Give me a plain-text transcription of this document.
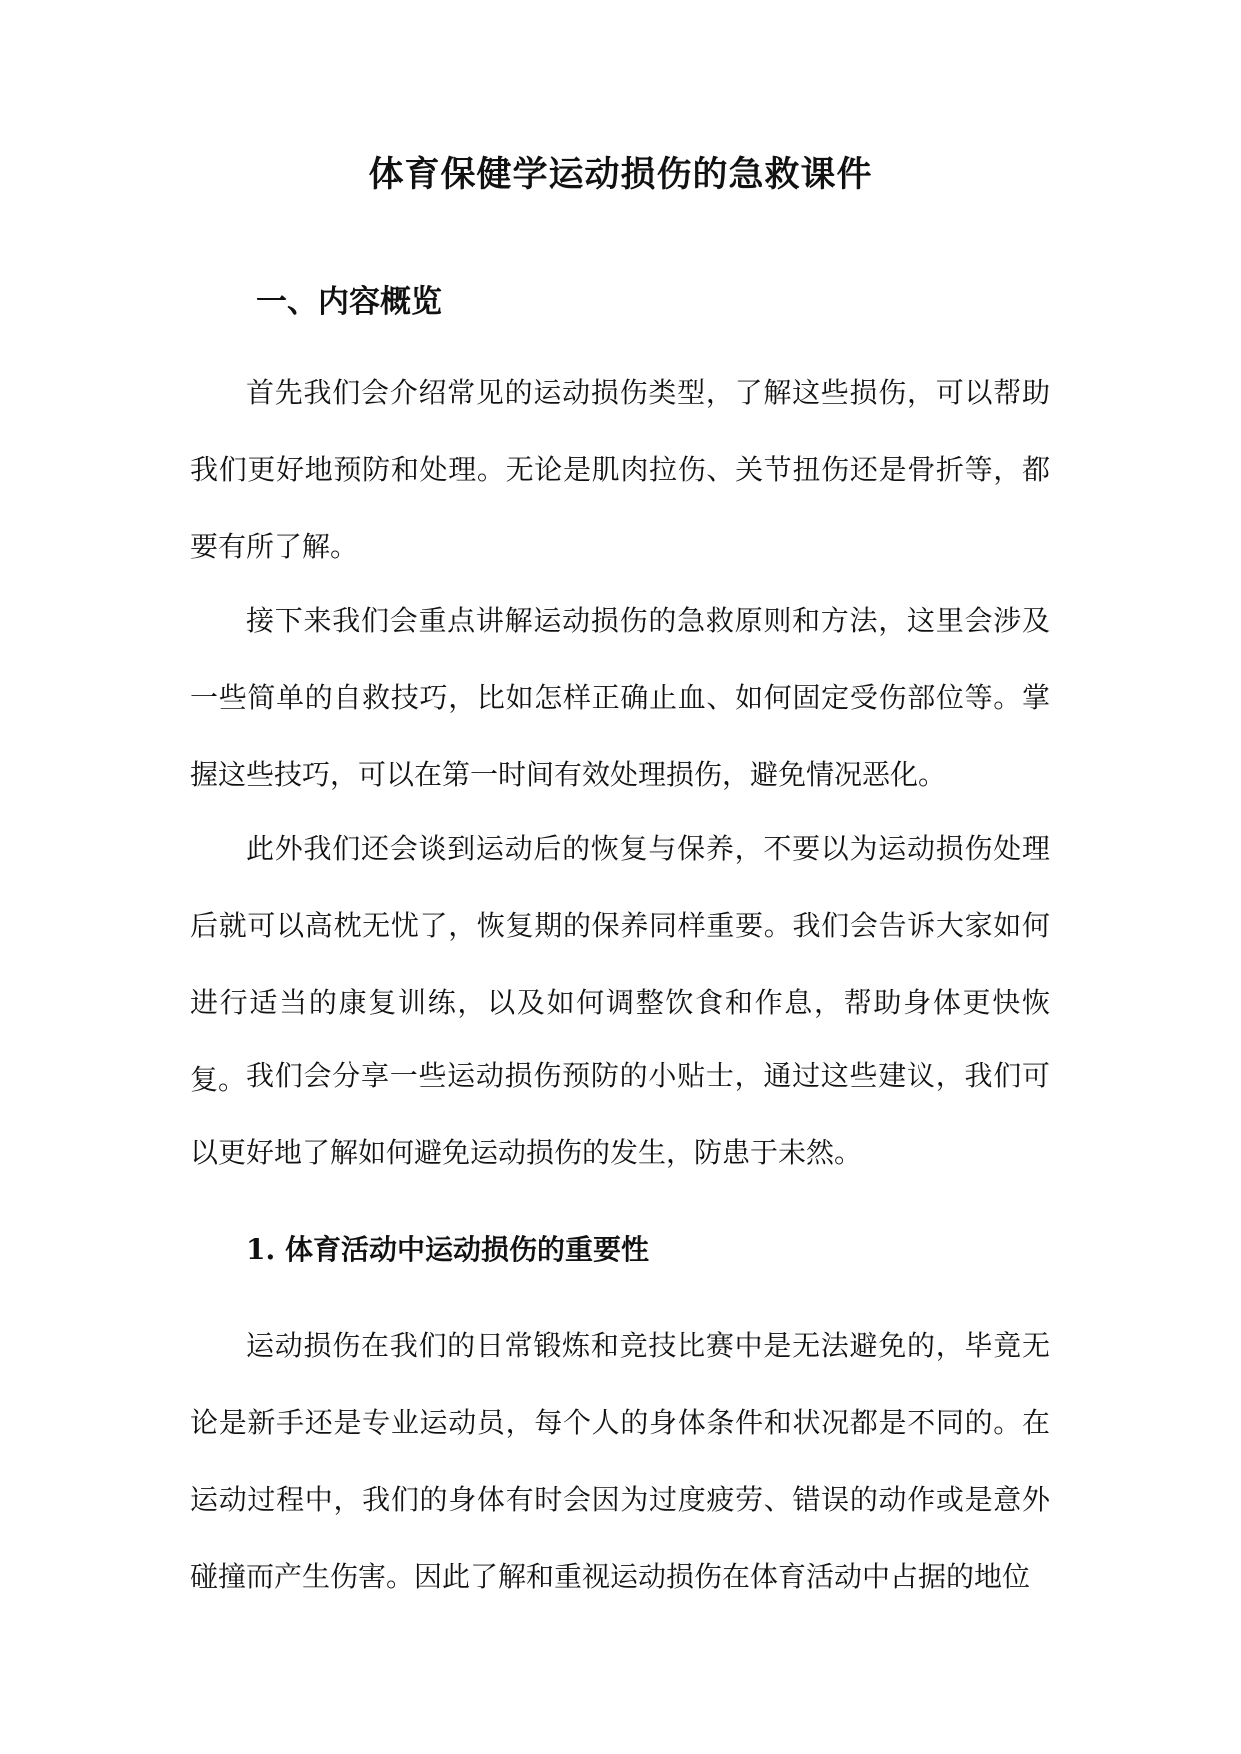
体育保健学运动损伤的急救课件
一、内容概览

首先我们会介绍常见的运动损伤类型，了解这些损伤，可以帮助我们更好地预防和处理。无论是肌肉拉伤、关节扭伤还是骨折等，都要有所了解。

接下来我们会重点讲解运动损伤的急救原则和方法，这里会涉及一些简单的自救技巧，比如怎样正确止血、如何固定受伤部位等。掌握这些技巧，可以在第一时间有效处理损伤，避免情况恶化。

此外我们还会谈到运动后的恢复与保养，不要以为运动损伤处理后就可以高枕无忧了，恢复期的保养同样重要。我们会告诉大家如何进行适当的康复训练，以及如何调整饮食和作息，帮助身体更快恢复。 我们会分享一些运动损伤预防的小贴士，通过这些建议，我们可以更好地了解如何避免运动损伤的发生，防患于未然。

1. 体育活动中运动损伤的重要性

运动损伤在我们的日常锻炼和竞技比赛中是无法避免的，毕竟无论是新手还是专业运动员，每个人的身体条件和状况都是不同的。在运动过程中，我们的身体有时会因为过度疲劳、错误的动作或是意外碰撞而产生伤害。因此了解和重视运动损伤在体育活动中占据的地位
